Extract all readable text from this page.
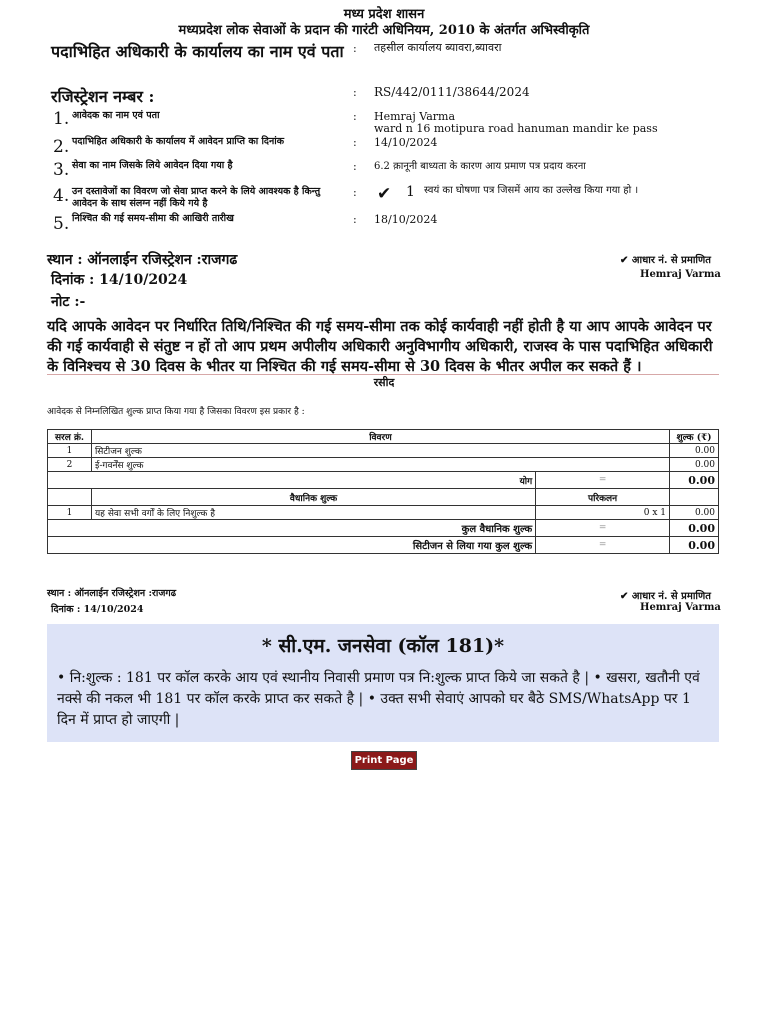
मध्य प्रदेश शासन
मध्यप्रदेश लोक सेवाओं के प्रदान की गारंटी अधिनियम, 2010 के अंतर्गत अभिस्वीकृति
पदाभिहित अधिकारी के कार्यालय का नाम एवं पता : तहसील कार्यालय ब्यावरा,ब्यावरा
रजिस्ट्रेशन नम्बर :	: RS/442/0111/38644/2024
1. आवेदक का नाम एवं पता	: Hemraj Varma
ward n 16 motipura road hanuman mandir ke pass
2. पदाभिहित अधिकारी के कार्यालय में आवेदन प्राप्ति का दिनांक	: 14/10/2024
3. सेवा का नाम जिसके लिये आवेदन दिया गया है	: 6.2 क़ानूनी बाध्यता के कारण आय प्रमाण पत्र प्रदाय करना
4. उन दस्तावेजों का विवरण जो सेवा प्राप्त करने के लिये आवश्यक है किन्तु आवेदन के साथ संलग्न नहीं किये गये है
: ✔ 1 स्वयं का घोषणा पत्र जिसमें आय का उल्लेख किया गया हो ।
5. निश्चित की गई समय-सीमा की आखिरी तारीख	: 18/10/2024
स्थान : ऑनलाईन रजिस्ट्रेशन :राजगढ
दिनांक : 14/10/2024
नोट :-
✔ आधार नं. से प्रमाणित
Hemraj Varma
यदि आपके आवेदन पर निर्धारित तिथि/निश्चित की गई समय-सीमा तक कोई कार्यवाही नहीं होती है या आप आपके आवेदन पर की गई कार्यवाही से संतुष्ट न हों तो आप प्रथम अपीलीय अधिकारी अनुविभागीय अधिकारी, राजस्व के पास पदाभिहित अधिकारी के विनिश्चय से 30 दिवस के भीतर या निश्चित की गई समय-सीमा से 30 दिवस के भीतर अपील कर सकते हैं ।
रसीद
आवेदक से निम्नलिखित शुल्क प्राप्त किया गया है जिसका विवरण इस प्रकार है :
सरल क्रं.	विवरण		शुल्क (₹)
1	सिटीजन शुल्क		0.00
2	ई-गवर्नेंस शुल्क		0.00
योग		=	0.00
	वैधानिक शुल्क	परिकलन	
1	यह सेवा सभी वर्गों के लिए निशुल्क है	0 x 1	0.00
कुल वैधानिक शुल्क		=	0.00
सिटीजन से लिया गया कुल शुल्क		=	0.00
स्थान : ऑनलाईन रजिस्ट्रेशन :राजगढ
दिनांक : 14/10/2024
✔ आधार नं. से प्रमाणित
Hemraj Varma
* सी.एम. जनसेवा (कॉल 181)*
• नि:शुल्क : 181 पर कॉल करके आय एवं स्थानीय निवासी प्रमाण पत्र नि:शुल्क प्राप्त किये जा सकते है | • खसरा, खतौनी एवं नक्से की नकल भी 181 पर कॉल करके प्राप्त कर सकते है | • उक्त सभी सेवाएं आपको घर बैठे SMS/WhatsApp पर 1 दिन में प्राप्त हो जाएगी |
Print Page
